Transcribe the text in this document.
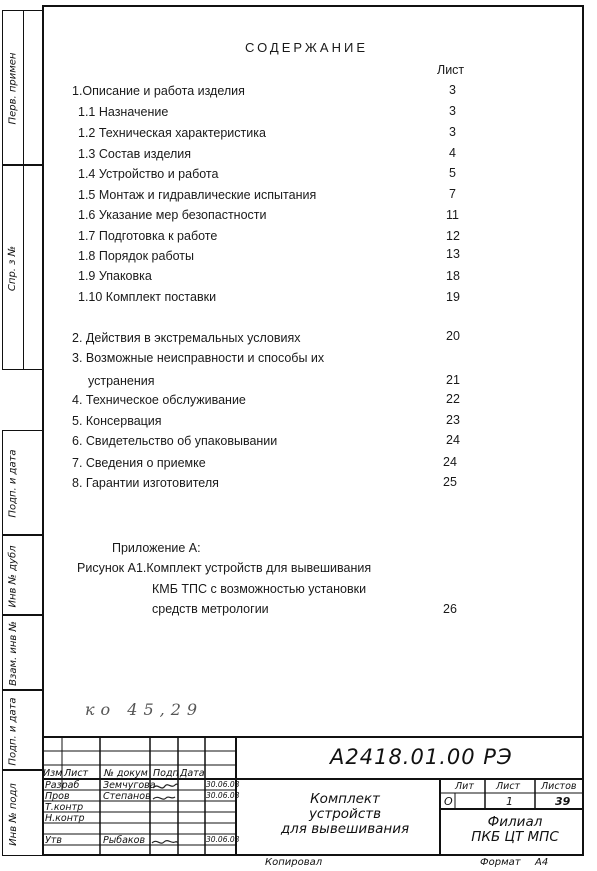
Перв. примен
Спр. з №
Подп. и дата
Инв № дубл
Взам. инв №
Подп. и дата
Инв № подл
СОДЕРЖАНИЕ
Лист
1.Описание и работа изделия	3
1.1 Назначение	3
1.2 Техническая характеристика	3
1.3 Состав изделия	4
1.4 Устройство и работа	5
1.5 Монтаж и гидравлические испытания	7
1.6 Указание мер безопастности	11
1.7 Подготовка к работе	12
1.8 Порядок работы	13
1.9 Упаковка	18
1.10 Комплект поставки	19
2. Действия в экстремальных условиях	20
3. Возможные неисправности и способы их
устранения	21
4. Техническое обслуживание	22
5. Консервация	23
6. Свидетельство об упаковывании	24
7. Сведения о приемке	24
8. Гарантии изготовителя	25
Приложение А:
Рисунок А1.Комплект устройств для вывешивания
КМБ ТПС с возможностью установки
средств метрологии	26
ко 45,29
Изм Лист № докум Подп Дата
Разраб Земчугова	30.06.08
Пров	Степанов	30.06.08
Т.контр
Н.контр
Утв	Рыбаков	30.06.08
А2418.01.00 РЭ
Комплект
устройств
для вывешивания
Лит Лист Листов
О	1	39
Филиал
ПКБ ЦТ МПС
Копировал	Формат А4
